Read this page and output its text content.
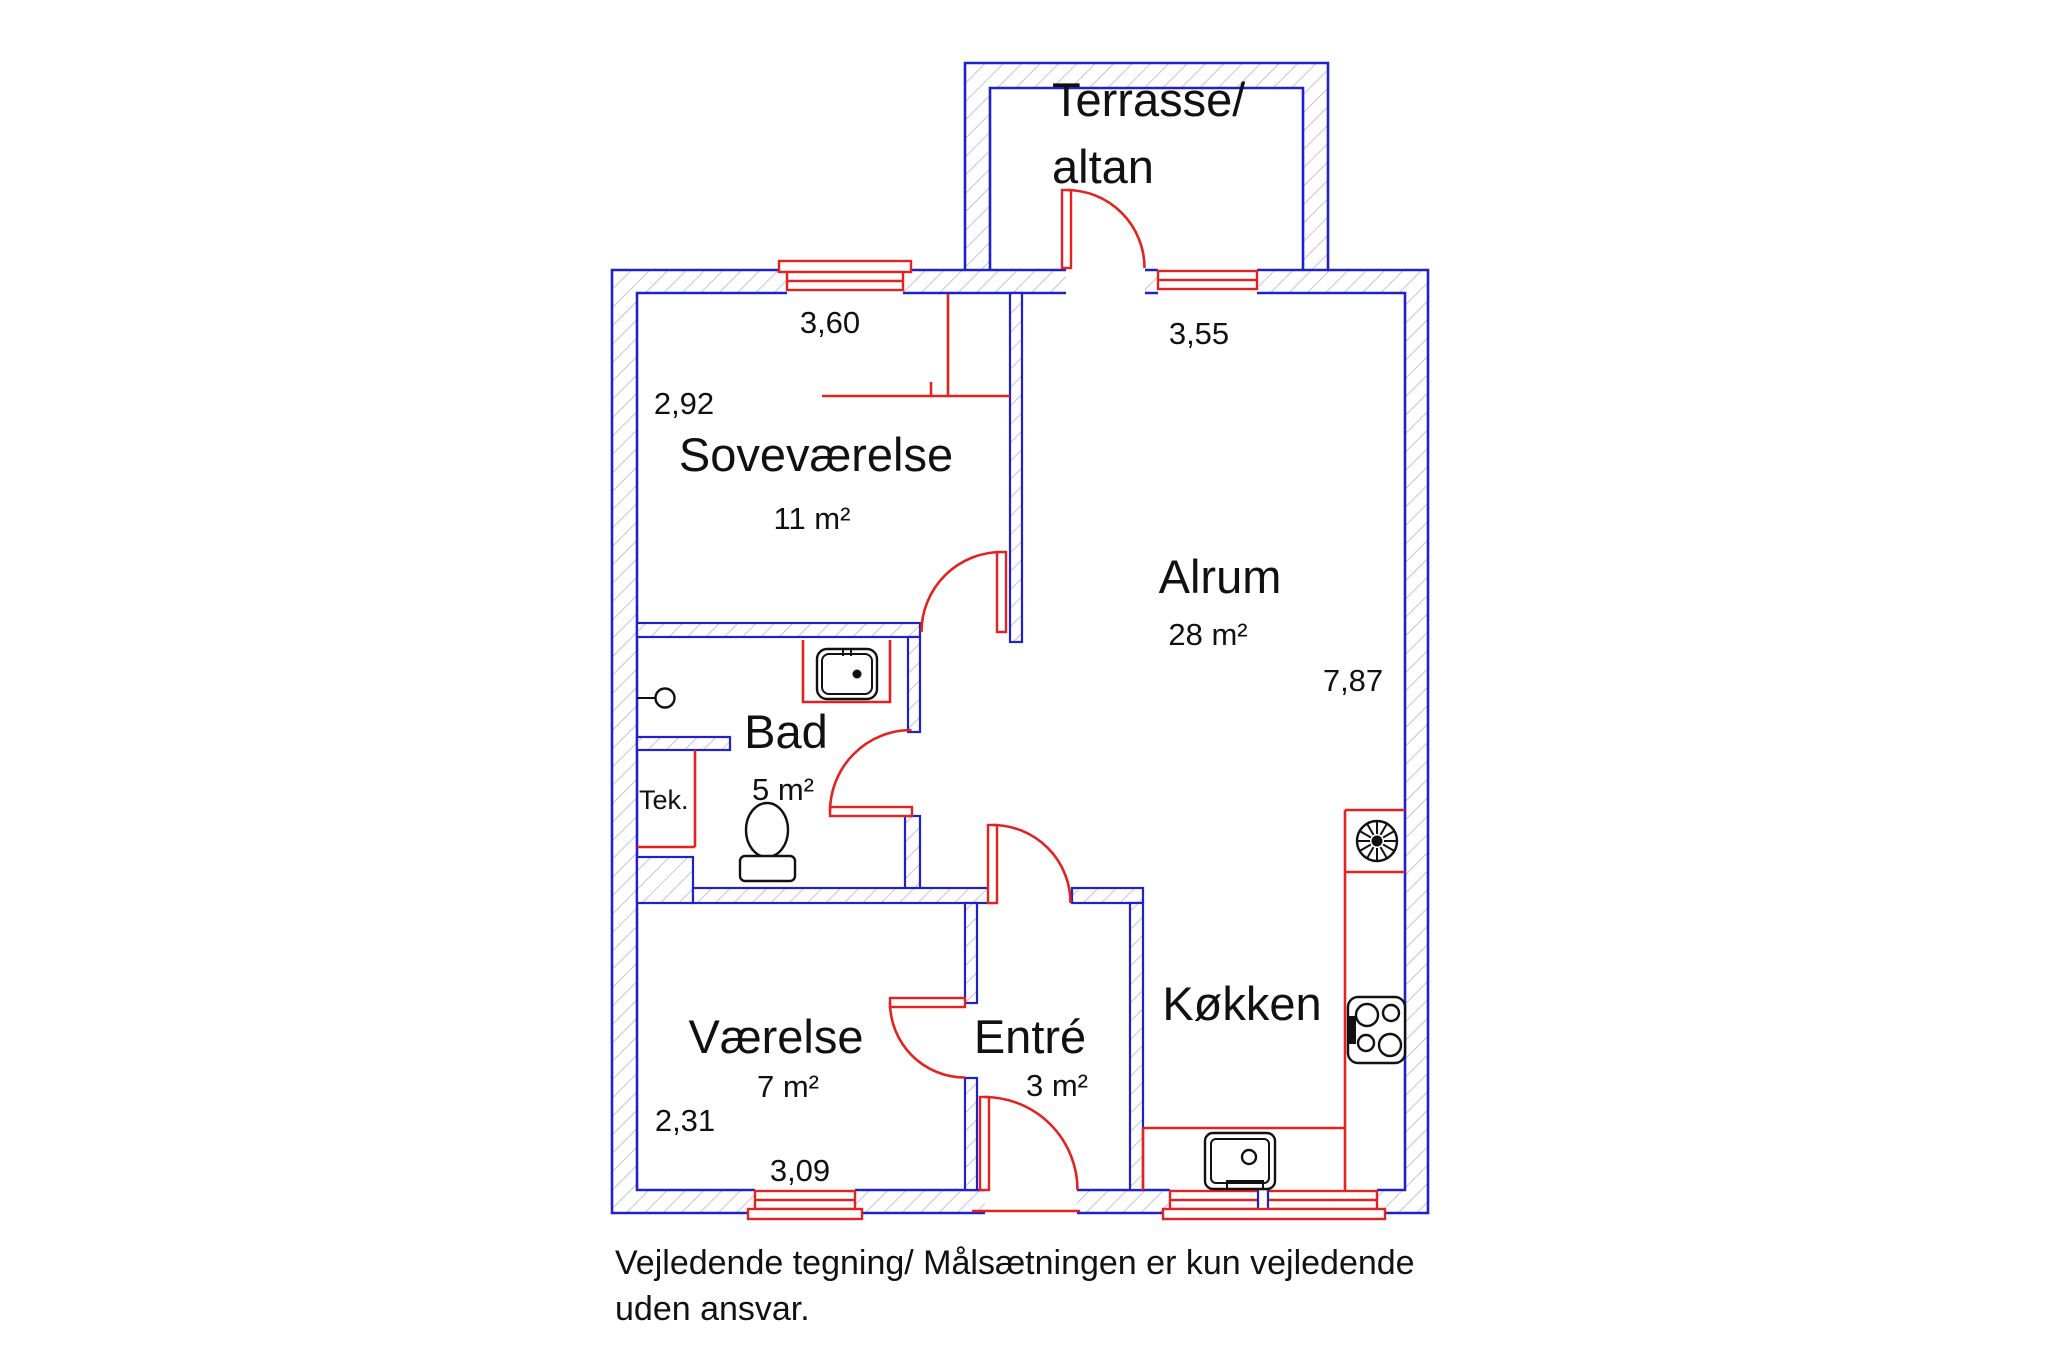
Terrasse/
altan
3,60
2,92
Soveværelse
11 m²
3,55
Alrum
28 m²
7,87
Bad
5 m²
Tek.
Værelse
7 m²
2,31
3,09
Entré
3 m²
Køkken
Vejledende tegning/ Målsætningen er kun vejledende
uden ansvar.
